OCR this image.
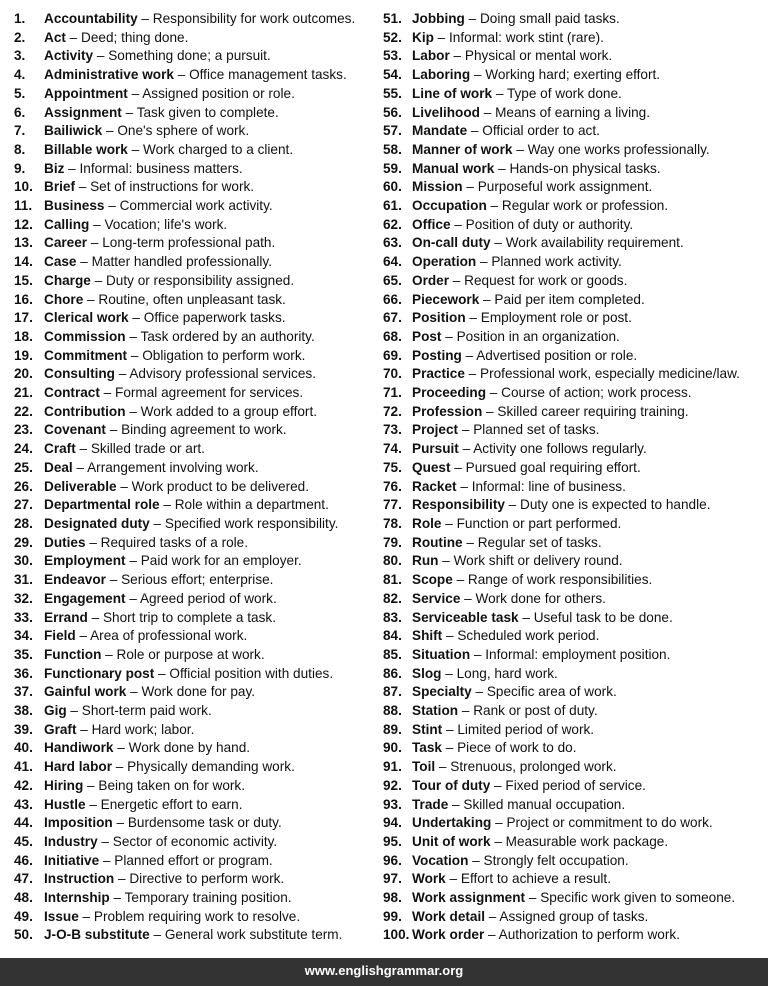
1. Accountability – Responsibility for work outcomes.
2. Act – Deed; thing done.
3. Activity – Something done; a pursuit.
4. Administrative work – Office management tasks.
5. Appointment – Assigned position or role.
6. Assignment – Task given to complete.
7. Bailiwick – One's sphere of work.
8. Billable work – Work charged to a client.
9. Biz – Informal: business matters.
10. Brief – Set of instructions for work.
11. Business – Commercial work activity.
12. Calling – Vocation; life's work.
13. Career – Long-term professional path.
14. Case – Matter handled professionally.
15. Charge – Duty or responsibility assigned.
16. Chore – Routine, often unpleasant task.
17. Clerical work – Office paperwork tasks.
18. Commission – Task ordered by an authority.
19. Commitment – Obligation to perform work.
20. Consulting – Advisory professional services.
21. Contract – Formal agreement for services.
22. Contribution – Work added to a group effort.
23. Covenant – Binding agreement to work.
24. Craft – Skilled trade or art.
25. Deal – Arrangement involving work.
26. Deliverable – Work product to be delivered.
27. Departmental role – Role within a department.
28. Designated duty – Specified work responsibility.
29. Duties – Required tasks of a role.
30. Employment – Paid work for an employer.
31. Endeavor – Serious effort; enterprise.
32. Engagement – Agreed period of work.
33. Errand – Short trip to complete a task.
34. Field – Area of professional work.
35. Function – Role or purpose at work.
36. Functionary post – Official position with duties.
37. Gainful work – Work done for pay.
38. Gig – Short-term paid work.
39. Graft – Hard work; labor.
40. Handiwork – Work done by hand.
41. Hard labor – Physically demanding work.
42. Hiring – Being taken on for work.
43. Hustle – Energetic effort to earn.
44. Imposition – Burdensome task or duty.
45. Industry – Sector of economic activity.
46. Initiative – Planned effort or program.
47. Instruction – Directive to perform work.
48. Internship – Temporary training position.
49. Issue – Problem requiring work to resolve.
50. J-O-B substitute – General work substitute term.
51. Jobbing – Doing small paid tasks.
52. Kip – Informal: work stint (rare).
53. Labor – Physical or mental work.
54. Laboring – Working hard; exerting effort.
55. Line of work – Type of work done.
56. Livelihood – Means of earning a living.
57. Mandate – Official order to act.
58. Manner of work – Way one works professionally.
59. Manual work – Hands-on physical tasks.
60. Mission – Purposeful work assignment.
61. Occupation – Regular work or profession.
62. Office – Position of duty or authority.
63. On-call duty – Work availability requirement.
64. Operation – Planned work activity.
65. Order – Request for work or goods.
66. Piecework – Paid per item completed.
67. Position – Employment role or post.
68. Post – Position in an organization.
69. Posting – Advertised position or role.
70. Practice – Professional work, especially medicine/law.
71. Proceeding – Course of action; work process.
72. Profession – Skilled career requiring training.
73. Project – Planned set of tasks.
74. Pursuit – Activity one follows regularly.
75. Quest – Pursued goal requiring effort.
76. Racket – Informal: line of business.
77. Responsibility – Duty one is expected to handle.
78. Role – Function or part performed.
79. Routine – Regular set of tasks.
80. Run – Work shift or delivery round.
81. Scope – Range of work responsibilities.
82. Service – Work done for others.
83. Serviceable task – Useful task to be done.
84. Shift – Scheduled work period.
85. Situation – Informal: employment position.
86. Slog – Long, hard work.
87. Specialty – Specific area of work.
88. Station – Rank or post of duty.
89. Stint – Limited period of work.
90. Task – Piece of work to do.
91. Toil – Strenuous, prolonged work.
92. Tour of duty – Fixed period of service.
93. Trade – Skilled manual occupation.
94. Undertaking – Project or commitment to do work.
95. Unit of work – Measurable work package.
96. Vocation – Strongly felt occupation.
97. Work – Effort to achieve a result.
98. Work assignment – Specific work given to someone.
99. Work detail – Assigned group of tasks.
100. Work order – Authorization to perform work.
www.englishgrammar.org
